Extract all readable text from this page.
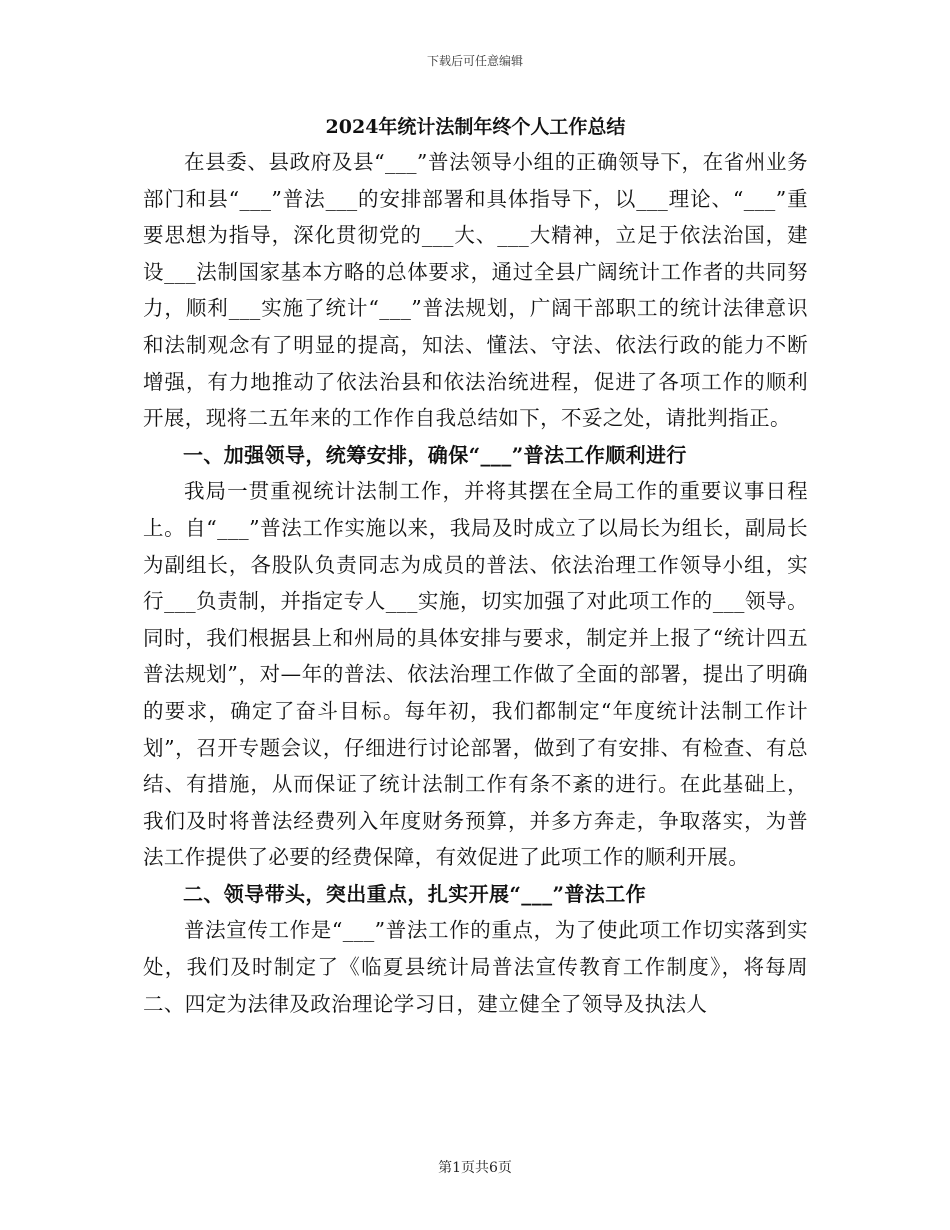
下载后可任意编辑
2024年统计法制年终个人工作总结

在县委、县政府及县“___”普法领导小组的正确领导下，在省州业务部门和县“___”普法___的安排部署和具体指导下，以___理论、“___”重要思想为指导，深化贯彻党的___大、___大精神，立足于依法治国，建设___法制国家基本方略的总体要求，通过全县广阔统计工作者的共同努力，顺利___实施了统计“___”普法规划，广阔干部职工的统计法律意识和法制观念有了明显的提高，知法、懂法、守法、依法行政的能力不断增强，有力地推动了依法治县和依法治统进程，促进了各项工作的顺利开展，现将二五年来的工作作自我总结如下，不妥之处，请批判指正。

一、加强领导，统筹安排，确保“___”普法工作顺利进行

我局一贯重视统计法制工作，并将其摆在全局工作的重要议事日程上。自“___”普法工作实施以来，我局及时成立了以局长为组长，副局长为副组长，各股队负责同志为成员的普法、依法治理工作领导小组，实行___负责制，并指定专人___实施，切实加强了对此项工作的___领导。同时，我们根据县上和州局的具体安排与要求，制定并上报了“统计四五普法规划”，对—年的普法、依法治理工作做了全面的部署，提出了明确的要求，确定了奋斗目标。每年初，我们都制定“年度统计法制工作计划”，召开专题会议，仔细进行讨论部署，做到了有安排、有检查、有总结、有措施，从而保证了统计法制工作有条不紊的进行。在此基础上，我们及时将普法经费列入年度财务预算，并多方奔走，争取落实，为普法工作提供了必要的经费保障，有效促进了此项工作的顺利开展。

二、领导带头，突出重点，扎实开展“___”普法工作

普法宣传工作是“___”普法工作的重点，为了使此项工作切实落到实处，我们及时制定了《临夏县统计局普法宣传教育工作制度》，将每周二、四定为法律及政治理论学习日，建立健全了领导及执法人

第1页共6页
